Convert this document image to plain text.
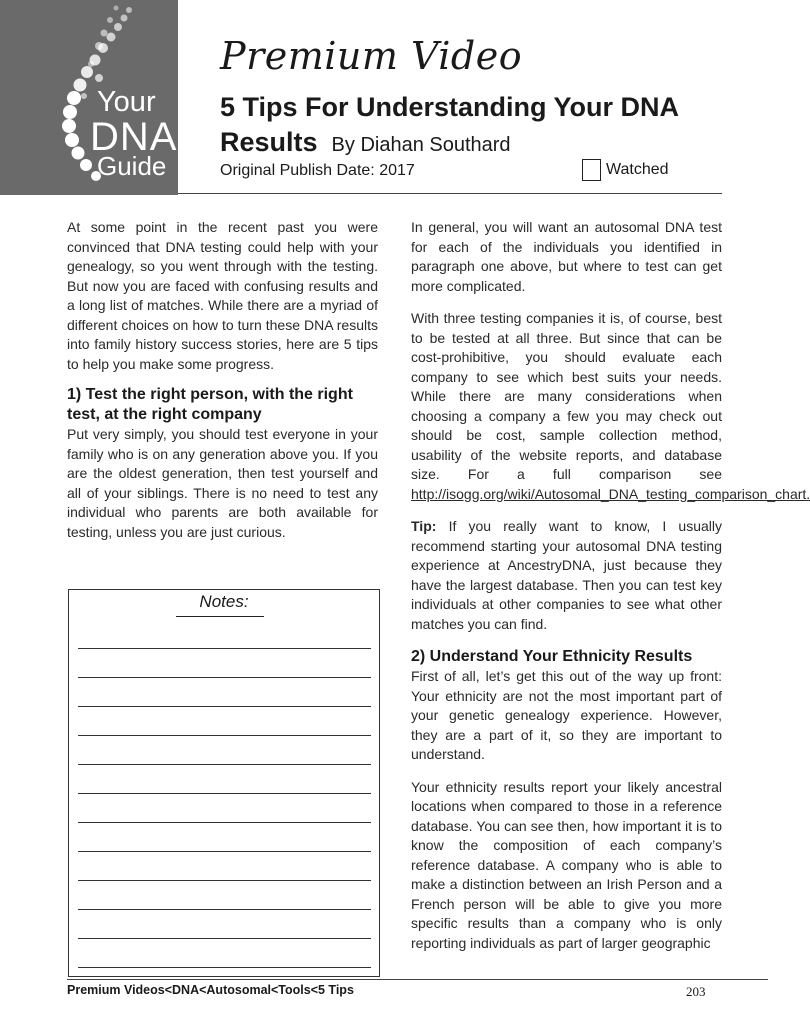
Your
DNA
Guide
Premium Video
5 Tips For Understanding Your DNA Results By Diahan Southard
Original Publish Date: 2017	Watched

At some point in the recent past you were convinced that DNA testing could help with your genealogy, so you went through with the testing. But now you are faced with confusing results and a long list of matches. While there are a myriad of different choices on how to turn these DNA results into family history success stories, here are 5 tips to help you make some progress.

1) Test the right person, with the right test, at the right company

Put very simply, you should test everyone in your family who is on any generation above you. If you are the oldest generation, then test yourself and all of your siblings. There is no need to test any individual who parents are both available for testing, unless you are just curious.

Notes:

In general, you will want an autosomal DNA test for each of the individuals you identified in paragraph one above, but where to test can get more complicated.

With three testing companies it is, of course, best to be tested at all three. But since that can be cost-prohibitive, you should evaluate each company to see which best suits your needs. While there are many considerations when choosing a company a few you may check out should be cost, sample collection method, usability of the website reports, and database size. For a full comparison see http://isogg.org/wiki/Autosomal_DNA_testing_comparison_chart.

Tip: If you really want to know, I usually recommend starting your autosomal DNA testing experience at AncestryDNA, just because they have the largest database. Then you can test key individuals at other companies to see what other matches you can find.

2) Understand Your Ethnicity Results

First of all, let’s get this out of the way up front: Your ethnicity are not the most important part of your genetic genealogy experience. However, they are a part of it, so they are important to understand.

Your ethnicity results report your likely ancestral locations when compared to those in a reference database. You can see then, how important it is to know the composition of each company’s reference database. A company who is able to make a distinction between an Irish Person and a French person will be able to give you more specific results than a company who is only reporting individuals as part of larger geographic

Premium Videos<DNA<Autosomal<Tools<5 Tips	203
